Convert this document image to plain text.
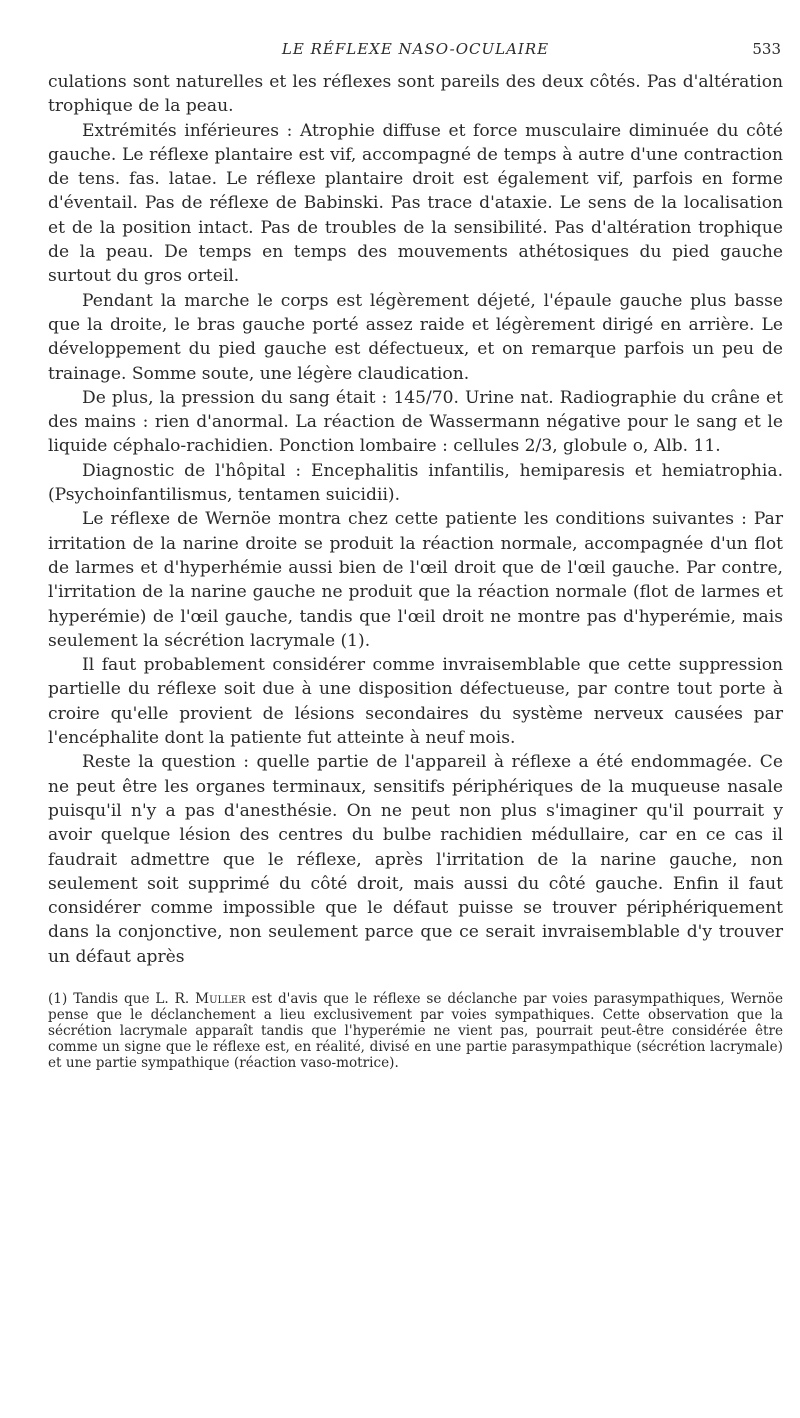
LE RÉFLEXE NASO-OCULAIRE	533

culations sont naturelles et les réflexes sont pareils des deux côtés. Pas d'altération trophique de la peau.

Extrémités inférieures : Atrophie diffuse et force musculaire diminuée du côté gauche. Le réflexe plantaire est vif, accompagné de temps à autre d'une contraction de tens. fas. latae. Le réflexe plantaire droit est également vif, parfois en forme d'éventail. Pas de réflexe de Babinski. Pas trace d'ataxie. Le sens de la localisation et de la position intact. Pas de troubles de la sensibilité. Pas d'altération trophique de la peau. De temps en temps des mouvements athétosiques du pied gauche surtout du gros orteil.

Pendant la marche le corps est légèrement déjeté, l'épaule gauche plus basse que la droite, le bras gauche porté assez raide et légèrement dirigé en arrière. Le développement du pied gauche est défectueux, et on remarque parfois un peu de trainage. Somme soute, une légère claudication.

De plus, la pression du sang était : 145/70. Urine nat. Radiographie du crâne et des mains : rien d'anormal. La réaction de Wassermann négative pour le sang et le liquide céphalo-rachidien. Ponction lombaire : cellules 2/3, globule o, Alb. 11.

Diagnostic de l'hôpital : Encephalitis infantilis, hemiparesis et hemiatrophia. (Psychoinfantilismus, tentamen suicidii).

Le réflexe de Wernöe montra chez cette patiente les conditions suivantes : Par irritation de la narine droite se produit la réaction normale, accompagnée d'un flot de larmes et d'hyperhémie aussi bien de l'œil droit que de l'œil gauche. Par contre, l'irritation de la narine gauche ne produit que la réaction normale (flot de larmes et hyperémie) de l'œil gauche, tandis que l'œil droit ne montre pas d'hyperémie, mais seulement la sécrétion lacrymale (1).

Il faut probablement considérer comme invraisemblable que cette suppression partielle du réflexe soit due à une disposition défectueuse, par contre tout porte à croire qu'elle provient de lésions secondaires du système nerveux causées par l'encéphalite dont la patiente fut atteinte à neuf mois.

Reste la question : quelle partie de l'appareil à réflexe a été endommagée. Ce ne peut être les organes terminaux, sensitifs périphériques de la muqueuse nasale puisqu'il n'y a pas d'anesthésie. On ne peut non plus s'imaginer qu'il pourrait y avoir quelque lésion des centres du bulbe rachidien médullaire, car en ce cas il faudrait admettre que le réflexe, après l'irritation de la narine gauche, non seulement soit supprimé du côté droit, mais aussi du côté gauche. Enfin il faut considérer comme impossible que le défaut puisse se trouver périphériquement dans la conjonctive, non seulement parce que ce serait invraisemblable d'y trouver un défaut après

(1) Tandis que L. R. Muller est d'avis que le réflexe se déclanche par voies parasympathiques, Wernöe pense que le déclanchement a lieu exclusivement par voies sympathiques. Cette observation que la sécrétion lacrymale apparaît tandis que l'hyperémie ne vient pas, pourrait peut-être considérée être comme un signe que le réflexe est, en réalité, divisé en une partie parasympathique (sécrétion lacrymale) et une partie sympathique (réaction vaso-motrice).
